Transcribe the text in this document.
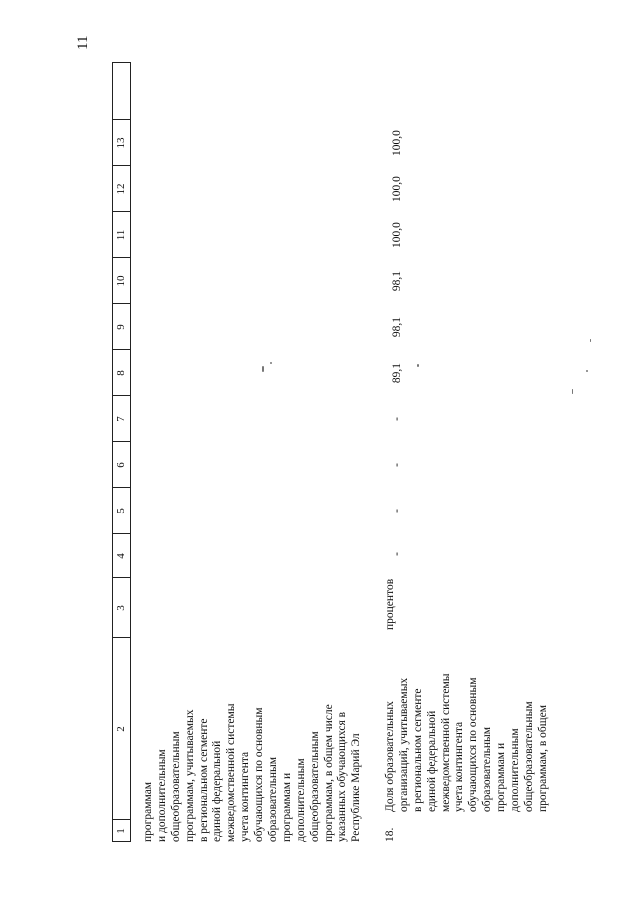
11
1
2
3
4
5
6
7
8
9
10
11
12
13
программам и дополнительным общеобразовательным программам, учитываемых в региональном сегменте единой федеральной межведомственной системы учета контингента обучающихся по основным образовательным программам и дополнительным общеобразовательным программам, в общем числе указанных обучающихся в Республике Марий Эл 18.
Доля образовательных организаций, учитываемых в региональном сегменте единой федеральной межведомственной системы учета контингента обучающихся по основным образовательным программам и дополнительным общеобразовательным программам, в общем
процентов
-
-
-
-
89,1
98,1
98,1
100,0
100,0
100,0
